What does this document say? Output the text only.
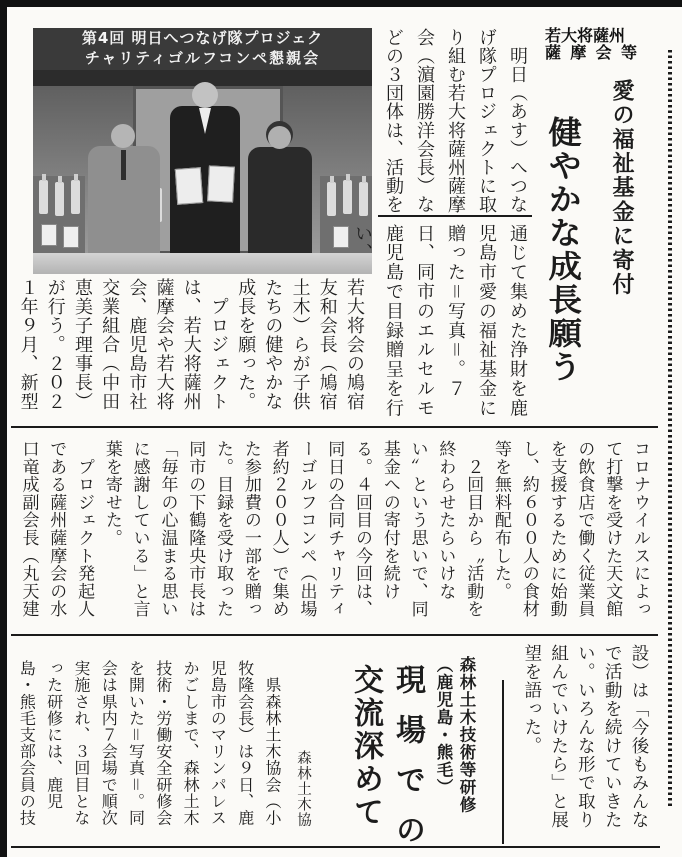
第4回 明日へつなげ隊プロジェク
チャリティゴルフコンペ懇親会
若大将薩州
薩摩会等
愛の福祉基金に寄付
健やかな成長願う

　明日（あす）へつなげ隊プロジェクトに取り組む若大将薩州薩摩会（濵園勝洋会長）などの３団体は、活動を

通じて集めた浄財を鹿児島市愛の福祉基金に贈った＝写真＝。７日、同市のエルセルモ鹿児島で目録贈呈を行い、

若大将会の鳩宿友和会長（鳩宿土木）らが子供たちの健やかな成長を願った。

　プロジェクトは、若大将薩州薩摩会や若大将会、鹿児島市社交業組合（中田恵美子理事長）が行う。２０２１年９月、新型

コロナウイルスによって打撃を受けた天文館の飲食店で働く従業員を支援するために始動し、約６００人の食材等を無料配布した。

　２回目から〝活動を終わらせたらいけない〟という思いで、同基金への寄付を続ける。４回目の今回は、同日の合同チャリティーゴルフコンペ（出場者約２００人）で集めた参加費の一部を贈った。目録を受け取った同市の下鶴隆央市長は「毎年の心温まる思いに感謝している」と言葉を寄せた。

　プロジェクト発起人である薩州薩摩会の水口竜成副会長（丸天建

設）は「今後もみんなで活動を続けていきたい。いろんな形で取り組んでいけたら」と展望を語った。

森林土木技術等研修

（鹿児島・熊毛）

現場での
交流深めて
森林土木協

　県森林土木協会（小牧隆会長）は９日、鹿児島市のマリンパレスかごしまで、森林土木技術・労働安全研修会を開いた＝写真＝。同会は県内７会場で順次実施され、３回目となった研修には、鹿児島・熊毛支部会員の技
